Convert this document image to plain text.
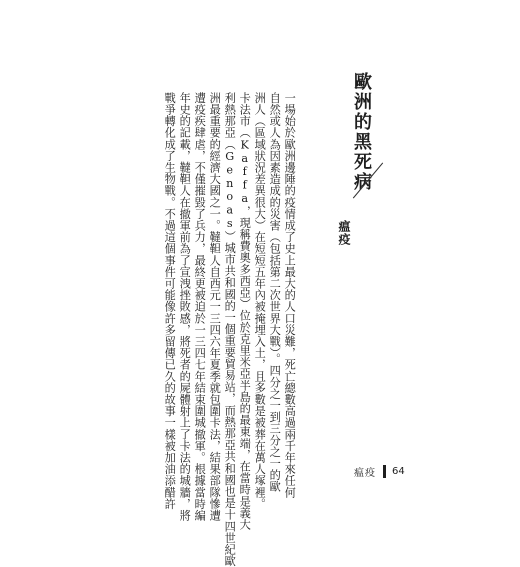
歐洲的黑死病
瘟疫
一場始於歐洲邊陲的疫情成了史上最大的人口災難，死亡總數高過兩千年來任何
自然或人為因素造成的災害（包括第二次世界大戰）。四分之一到三分之一的歐
洲人（區域狀況差異很大）在短短五年內被掩埋入土，且多數是被葬在萬人塚裡。
卡法市（Kaffa，現稱費奧多西亞）位於克里米亞半島的最東端，在當時是義大
利熱那亞（Genoas）城市共和國的一個重要貿易站，而熱那亞共和國也是十四世紀歐
洲最重要的經濟大國之一。韃靼人自西元一三四六年夏季就包圍卡法，結果部隊慘遭
遭疫疾肆虐，不僅摧毀了兵力，最終更被迫於一三四七年結束圍城撤軍。根據當時編
年史的記載，韃靼人在撤軍前為了宣洩挫敗感，將死者的屍體射上了卡法的城牆，將
戰爭轉化成了生物戰。不過這個事件可能像許多留傳已久的故事一樣被加油添醋許	瘟疫 64
